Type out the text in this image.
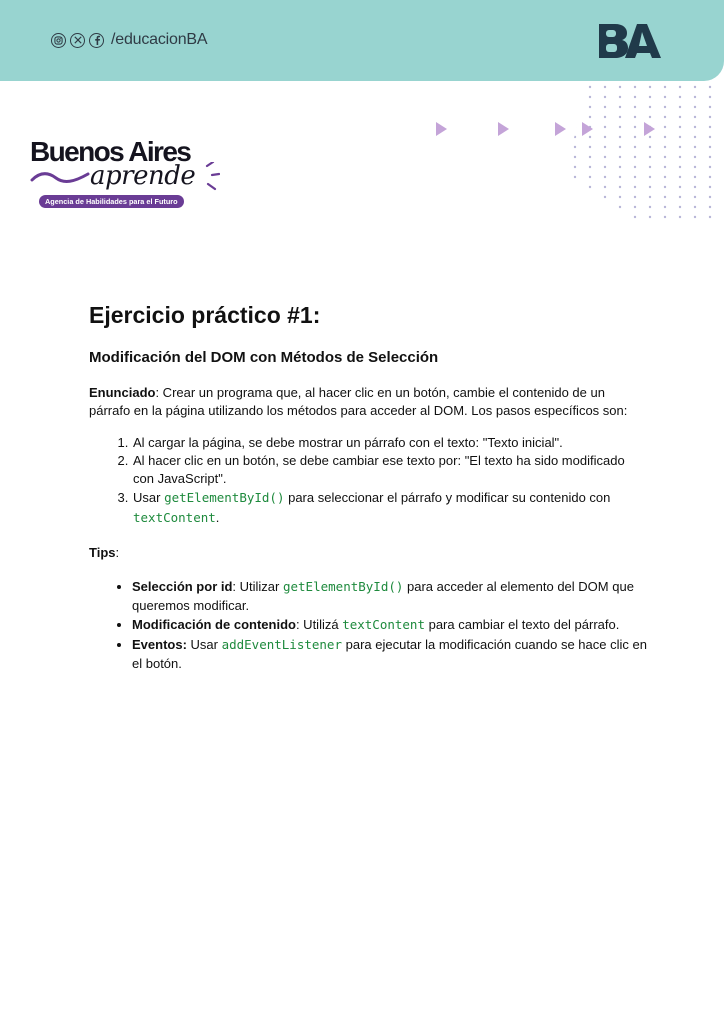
/educacionBA
Buenos Aires
aprende
Agencia de Habilidades para el Futuro
Ejercicio práctico #1:
Modificación del DOM con Métodos de Selección

Enunciado: Crear un programa que, al hacer clic en un botón, cambie el contenido de un párrafo en la página utilizando los métodos para acceder al DOM. Los pasos específicos son:

1. Al cargar la página, se debe mostrar un párrafo con el texto: "Texto inicial".
2. Al hacer clic en un botón, se debe cambiar ese texto por: "El texto ha sido modificado con JavaScript".
3. Usar getElementById() para seleccionar el párrafo y modificar su contenido con textContent.

Tips:

• Selección por id: Utilizar getElementById() para acceder al elemento del DOM que queremos modificar.
• Modificación de contenido: Utilizá textContent para cambiar el texto del párrafo.
• Eventos: Usar addEventListener para ejecutar la modificación cuando se hace clic en el botón.
